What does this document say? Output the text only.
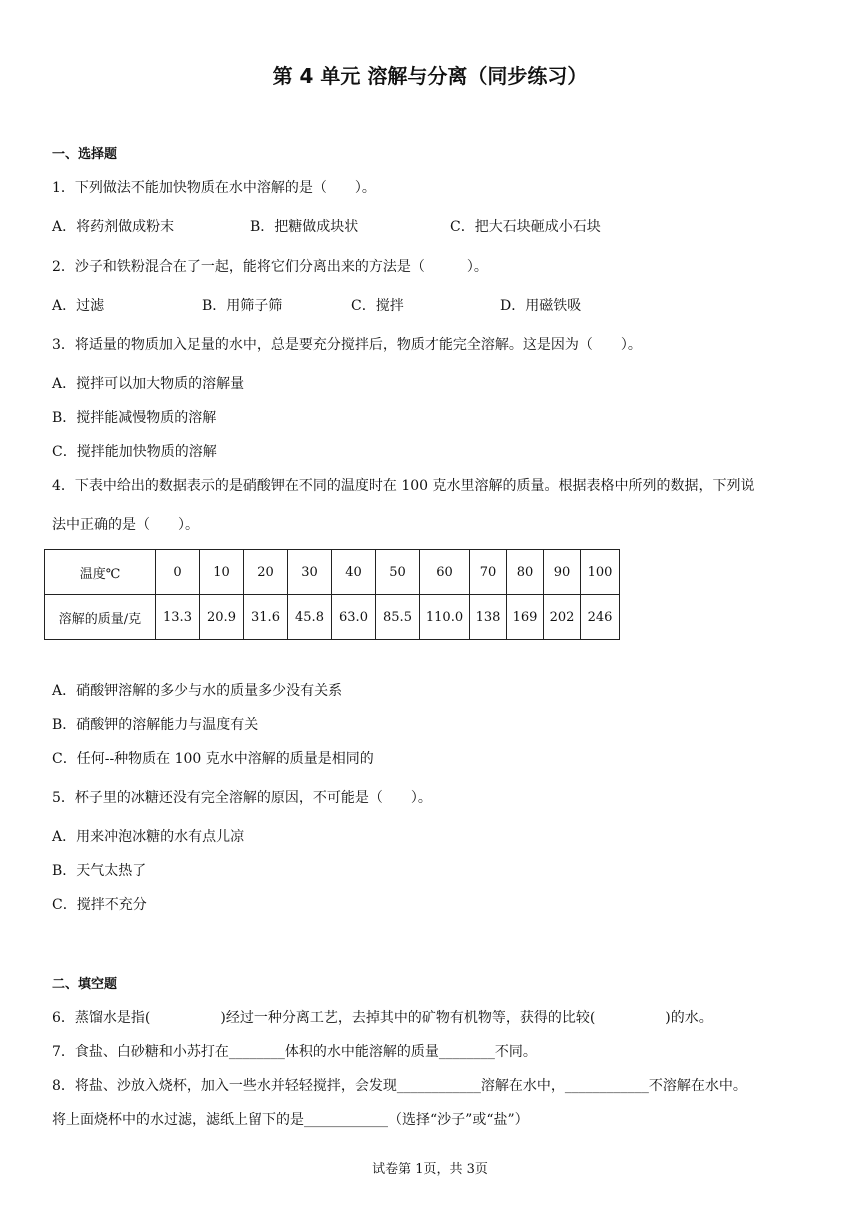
第 4 单元 溶解与分离（同步练习）
一、选择题
1．下列做法不能加快物质在水中溶解的是（　　）。
A．将药剂做成粉末	B．把糖做成块状	C．把大石块砸成小石块
2．沙子和铁粉混合在了一起，能将它们分离出来的方法是（　　　）。
A．过滤	B．用筛子筛	C．搅拌	D．用磁铁吸
3．将适量的物质加入足量的水中，总是要充分搅拌后，物质才能完全溶解。这是因为（　　）。
A．搅拌可以加大物质的溶解量
B．搅拌能减慢物质的溶解
C．搅拌能加快物质的溶解
4．下表中给出的数据表示的是硝酸钾在不同的温度时在 100 克水里溶解的质量。根据表格中所列的数据，下列说
法中正确的是（　　）。
温度℃	0	10	20	30	40	50	60	70	80	90	100
溶解的质量/克	13.3	20.9	31.6	45.8	63.0	85.5	110.0	138	169	202	246
A．硝酸钾溶解的多少与水的质量多少没有关系
B．硝酸钾的溶解能力与温度有关
C．任何--种物质在 100 克水中溶解的质量是相同的
5．杯子里的冰糖还没有完全溶解的原因，不可能是（　　）。
A．用来冲泡冰糖的水有点儿凉
B．天气太热了
C．搅拌不充分
二、填空题
6．蒸馏水是指(　　　　　)经过一种分离工艺，去掉其中的矿物有机物等，获得的比较(　　　　　)的水。
7．食盐、白砂糖和小苏打在________体积的水中能溶解的质量________不同。
8．将盐、沙放入烧杯，加入一些水并轻轻搅拌，会发现____________溶解在水中，____________不溶解在水中。
将上面烧杯中的水过滤，滤纸上留下的是____________（选择“沙子”或“盐”）
试卷第 1页，共 3页
